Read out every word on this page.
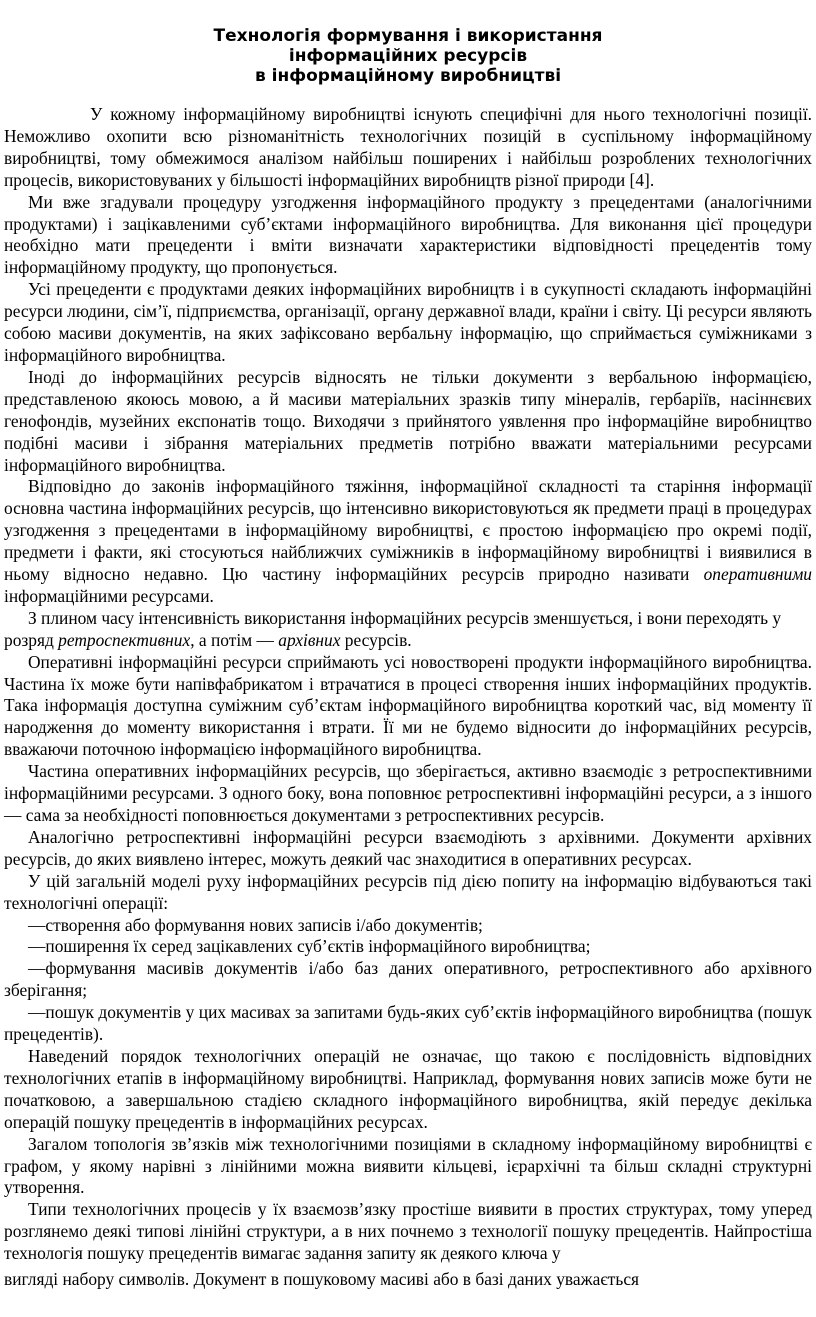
Технологія формування і використання
інформаційних ресурсів
в інформаційному виробництві

У кожному інформаційному виробництві існують специфічні для нього технологічні позиції. Неможливо охопити всю різноманітність технологічних позицій в суспільному інформаційному виробництві, тому обмежимося аналізом найбільш поширених і найбільш розроблених технологічних процесів, використовуваних у більшості інформаційних виробництв різної природи [4].

Ми вже згадували процедуру узгодження інформаційного продукту з прецедентами (аналогічними продуктами) і зацікавленими суб’єктами інформаційного виробництва. Для виконання цієї процедури необхідно мати прецеденти і вміти визначати характеристики відповідності прецедентів тому інформаційному продукту, що пропонується.

Усі прецеденти є продуктами деяких інформаційних виробництв і в сукупності складають інформаційні ресурси людини, сім’ї, підприємства, організації, органу державної влади, країни і світу. Ці ресурси являють собою масиви документів, на яких зафіксовано вербальну інформацію, що сприймається суміжниками з інформаційного виробництва.

Іноді до інформаційних ресурсів відносять не тільки документи з вербальною інформацією, представленою якоюсь мовою, а й масиви матеріальних зразків типу мінералів, гербаріїв, насіннєвих генофондів, музейних експонатів тощо. Виходячи з прийнятого уявлення про інформаційне виробництво подібні масиви і зібрання матеріальних предметів потрібно вважати матеріальними ресурсами інформаційного виробництва.

Відповідно до законів інформаційного тяжіння, інформаційної складності та старіння інформації основна частина інформаційних ресурсів, що інтенсивно використовуються як предмети праці в процедурах узгодження з прецедентами в інформаційному виробництві, є простою інформацією про окремі події, предмети і факти, які стосуються найближчих суміжників в інформаційному виробництві і виявилися в ньому відносно недавно. Цю частину інформаційних ресурсів природно називати оперативними інформаційними ресурсами.

З плином часу інтенсивність використання інформаційних ресурсів зменшується, і вони переходять у розряд ретроспективних, а потім — архівних ресурсів.

Оперативні інформаційні ресурси сприймають усі новостворені продукти інформаційного виробництва. Частина їх може бути напівфабрикатом і втрачатися в процесі створення інших інформаційних продуктів. Така інформація доступна суміжним суб’єктам інформаційного виробництва короткий час, від моменту її народження до моменту використання і втрати. Її ми не будемо відносити до інформаційних ресурсів, вважаючи поточною інформацією інформаційного виробництва.

Частина оперативних інформаційних ресурсів, що зберігається, активно взаємодіє з ретроспективними інформаційними ресурсами. З одного боку, вона поповнює ретроспективні інформаційні ресурси, а з іншого — сама за необхідності поповнюється документами з ретроспективних ресурсів.

Аналогічно ретроспективні інформаційні ресурси взаємодіють з архівними. Документи архівних ресурсів, до яких виявлено інтерес, можуть деякий час знаходитися в оперативних ресурсах.

У цій загальній моделі руху інформаційних ресурсів під дією попиту на інформацію відбуваються такі технологічні операції:

—створення або формування нових записів і/або документів;

—поширення їх серед зацікавлених суб’єктів інформаційного виробництва;

—формування масивів документів і/або баз даних оперативного, ретроспективного або архівного зберігання;

—пошук документів у цих масивах за запитами будь-яких суб’єктів інформаційного виробництва (пошук прецедентів).

Наведений порядок технологічних операцій не означає, що такою є послідовність відповідних технологічних етапів в інформаційному виробництві. Наприклад, формування нових записів може бути не початковою, а завершальною стадією складного інформаційного виробництва, якій передує декілька операцій пошуку прецедентів в інформаційних ресурсах.

Загалом топологія зв’язків між технологічними позиціями в складному інформаційному виробництві є графом, у якому нарівні з лінійними можна виявити кільцеві, ієрархічні та більш складні структурні утворення.

Типи технологічних процесів у їх взаємозв’язку простіше виявити в простих структурах, тому уперед розглянемо деякі типові лінійні структури, а в них почнемо з технології пошуку прецедентів. Найпростіша технологія пошуку прецедентів вимагає задання запиту як деякого ключа у

вигляді набору символів. Документ в пошуковому масиві або в базі даних уважається
